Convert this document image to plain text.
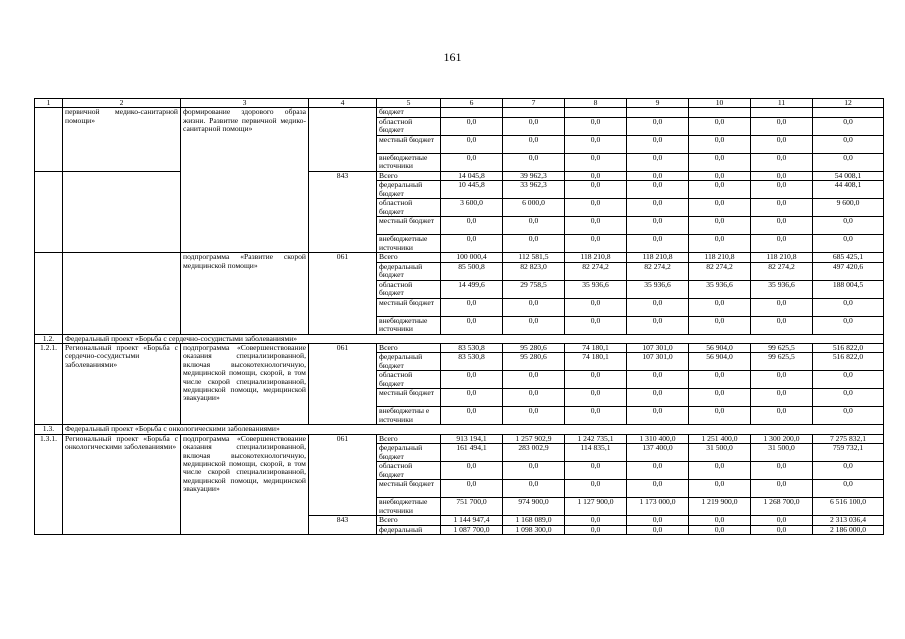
161
1	2	3	4	5	6	7	8	9	10	11	12
	первичной медико-санитарной помощи»	формирование здорового образа жизни. Развитие первичной медико-санитарной помощи»		бюджет							
				областной бюджет	0,0	0,0	0,0	0,0	0,0	0,0	0,0
				местный бюджет	0,0	0,0	0,0	0,0	0,0	0,0	0,0
				внебюджетные источники	0,0	0,0	0,0	0,0	0,0	0,0	0,0
			843	Всего	14 045,8	39 962,3	0,0	0,0	0,0	0,0	54 008,1
				федеральный бюджет	10 445,8	33 962,3	0,0	0,0	0,0	0,0	44 408,1
				областной бюджет	3 600,0	6 000,0	0,0	0,0	0,0	0,0	9 600,0
				местный бюджет	0,0	0,0	0,0	0,0	0,0	0,0	0,0
				внебюджетные источники	0,0	0,0	0,0	0,0	0,0	0,0	0,0
		подпрограмма «Развитие скорой медицинской помощи»	061	Всего	100 000,4	112 581,5	118 210,8	118 210,8	118 210,8	118 210,8	685 425,1
				федеральный бюджет	85 500,8	82 823,0	82 274,2	82 274,2	82 274,2	82 274,2	497 420,6
				областной бюджет	14 499,6	29 758,5	35 936,6	35 936,6	35 936,6	35 936,6	188 004,5
				местный бюджет	0,0	0,0	0,0	0,0	0,0	0,0	0,0
				внебюджетные источники	0,0	0,0	0,0	0,0	0,0	0,0	0,0
1.2.	Федеральный проект «Борьба с сердечно-сосудистыми заболеваниями»										
1.2.1.	Региональный проект «Борьба с сердечно-сосудистыми заболеваниями»	подпрограмма «Совершенствование оказания специализированной, включая высокотехнологичную, медицинской помощи, скорой, в том числе скорой специализированной, медицинской помощи, медицинской эвакуации»	061	Всего	83 530,8	95 280,6	74 180,1	107 301,0	56 904,0	99 625,5	516 822,0
				федеральный бюджет	83 530,8	95 280,6	74 180,1	107 301,0	56 904,0	99 625,5	516 822,0
				областной бюджет	0,0	0,0	0,0	0,0	0,0	0,0	0,0
				местный бюджет	0,0	0,0	0,0	0,0	0,0	0,0	0,0
				внебюджетны е источники	0,0	0,0	0,0	0,0	0,0	0,0	0,0
1.3.	Федеральный проект «Борьба с онкологическими заболеваниями»										
1.3.1.	Региональный проект «Борьба с онкологическими заболеваниями»	подпрограмма «Совершенствование оказания специализированной, включая высокотехнологичную, медицинской помощи, скорой, в том числе скорой специализированной, медицинской помощи, медицинской эвакуации»	061	Всего	913 194,1	1 257 902,9	1 242 735,1	1 310 400,0	1 251 400,0	1 300 200,0	7 275 832,1
				федеральный бюджет	161 494,1	283 002,9	114 835,1	137 400,0	31 500,0	31 500,0	759 732,1
				областной бюджет	0,0	0,0	0,0	0,0	0,0	0,0	0,0
				местный бюджет	0,0	0,0	0,0	0,0	0,0	0,0	0,0
				внебюджетные источники	751 700,0	974 900,0	1 127 900,0	1 173 000,0	1 219 900,0	1 268 700,0	6 516 100,0
			843	Всего	1 144 947,4	1 168 089,0	0,0	0,0	0,0	0,0	2 313 036,4
				федеральный	1 087 700,0	1 098 300,0	0,0	0,0	0,0	0,0	2 186 000,0
